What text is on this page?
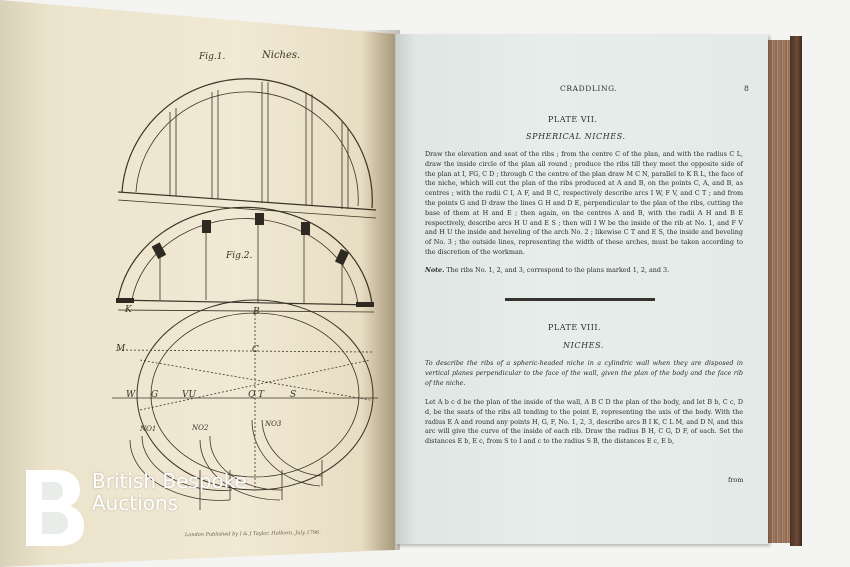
Fig.1.	Niches.
Fig.2.
K	B
M	C
W G	VU	Q T	S
NO1	NO2	NO3
London Published by I & J Taylor, Holborn, July 1796.
CRADDLING.	8
PLATE VII.
SPHERICAL NICHES.
Draw the elevation and seat of the ribs ; from the centre C of the plan, and with the radius C L, draw the inside circle of the plan all round ; produce the ribs till they meet the opposite side of the plan at I, FG, C D ; through C the centre of the plan draw M C N, parallel to K R L, the face of the niche, which will cut the plan of the ribs produced at A and B, on the points C, A, and B, as centres ; with the radii C I, A F, and B C, respectively describe arcs I W, F V, and C T ; and from the points G and D draw the lines G H and D E, perpendicular to the plan of the ribs, cutting the base of them at H and E ; then again, on the centres A and B, with the radii A H and B E respectively, describe arcs H U and E S ; then will I W be the inside of the rib at No. 1, and F V and H U the inside and beveling of the arch No. 2 ; likewise C T and E S, the inside and beveling of No. 3 ; the outside lines, representing the width of these arches, must be taken according to the discretion of the workman.
Note. The ribs No. 1, 2, and 3, correspond to the plans marked 1, 2, and 3.
PLATE VIII.
NICHES.
To describe the ribs of a spheric-headed niche in a cylindric wall when they are disposed in vertical planes perpendicular to the face of the wall, given the plan of the body and the face rib of the niche.
Let A b c d be the plan of the inside of the wall, A B C D the plan of the body, and let B b, C c, D d, be the seats of the ribs all tending to the point E, representing the axis of the body. With the radius E A and round any points H, G, F, No. 1, 2, 3, describe arcs B I K, C L M, and D N, and this arc will give the curve of the inside of each rib. Draw the radius B H, C G, D F, of each. Set the distances E b, E c, from S to I and c to the radius S B, the distances E c, E b,
from
British Bespoke
Auctions
